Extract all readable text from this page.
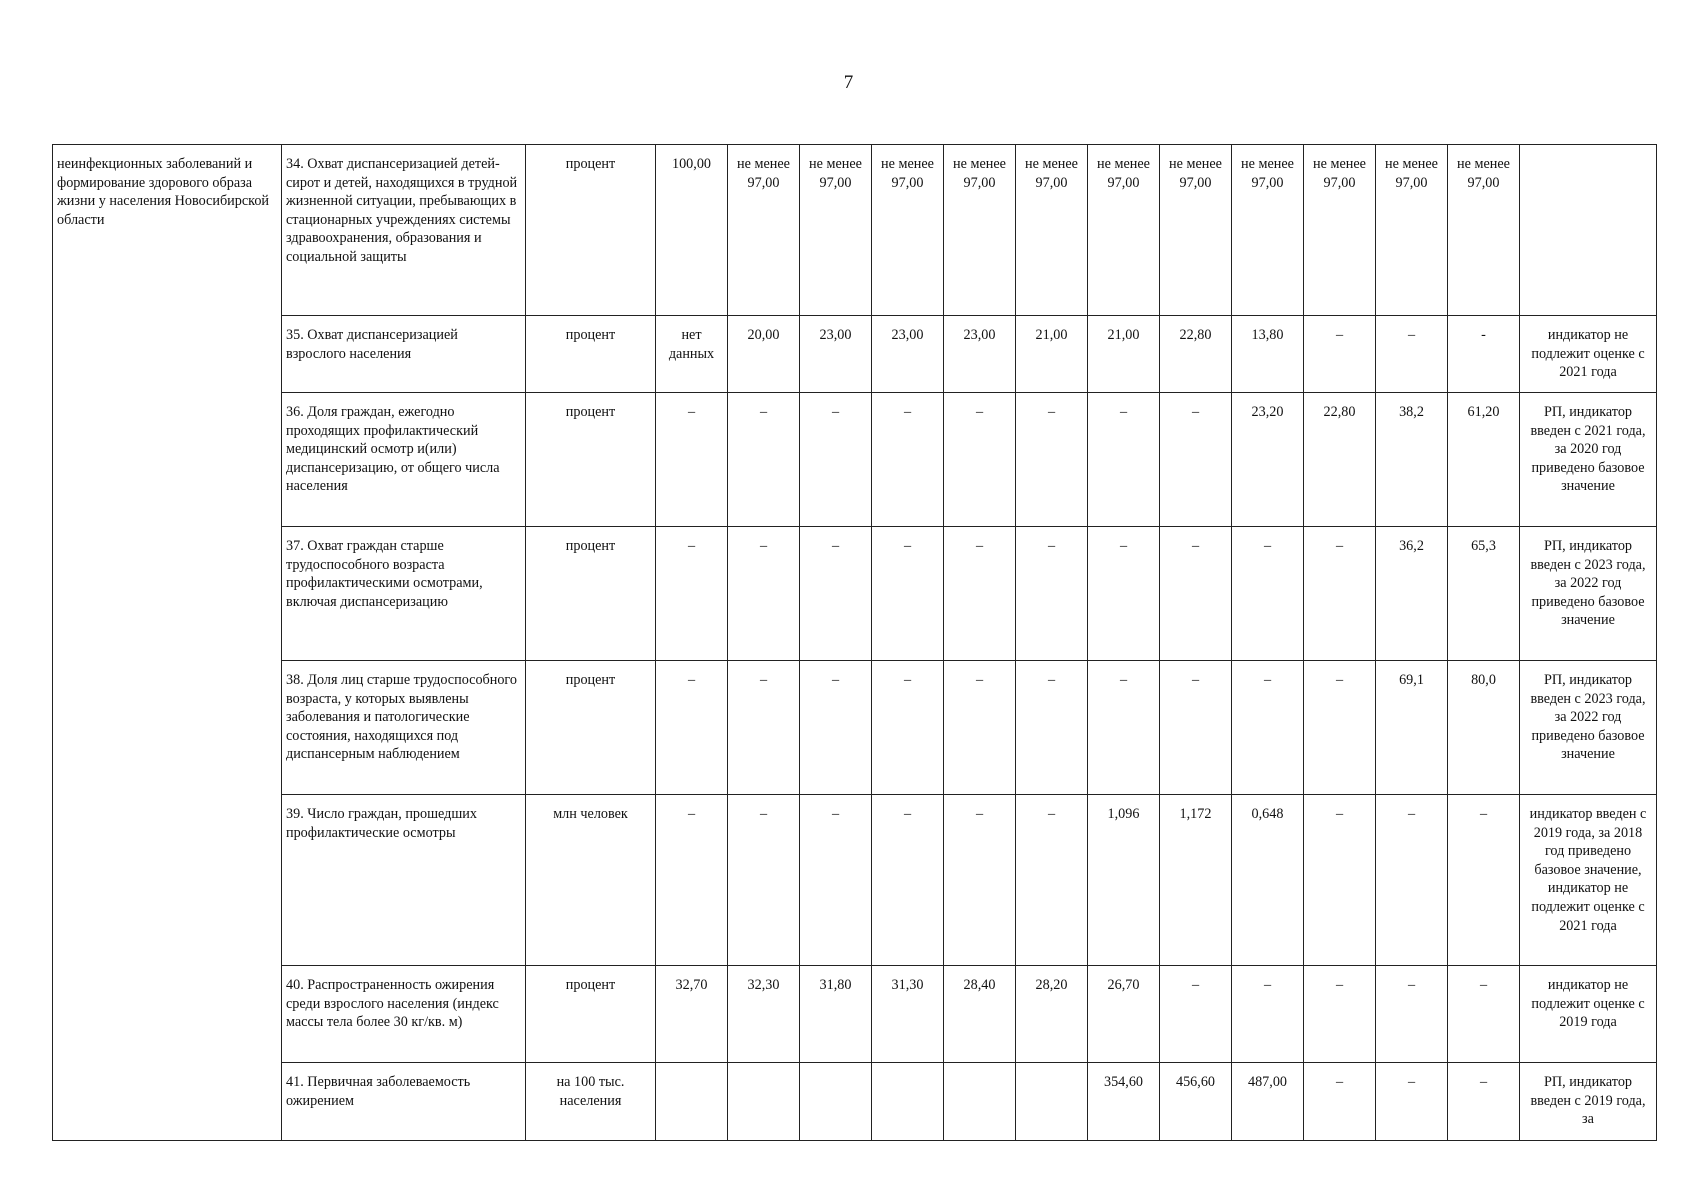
7
неинфекционных заболеваний и формирование здорового образа жизни у населения Новосибирской области	34. Охват диспансеризацией детей-сирот и детей, находящихся в трудной жизненной ситуации, пребывающих в стационарных учреждениях системы здравоохранения, образования и социальной защиты	процент	100,00	не менее 97,00	не менее 97,00	не менее 97,00	не менее 97,00	не менее 97,00	не менее 97,00	не менее 97,00	не менее 97,00	не менее 97,00	не менее 97,00	не менее 97,00	
	35. Охват диспансеризацией взрослого населения	процент	нет данных	20,00	23,00	23,00	23,00	21,00	21,00	22,80	13,80	–	–	-	индикатор не подлежит оценке с 2021 года
	36. Доля граждан, ежегодно проходящих профилактический медицинский осмотр и(или) диспансеризацию, от общего числа населения	процент	–	–	–	–	–	–	–	–	23,20	22,80	38,2	61,20	РП, индикатор введен с 2021 года, за 2020 год приведено базовое значение
	37. Охват граждан старше трудоспособного возраста профилактическими осмотрами, включая диспансеризацию	процент	–	–	–	–	–	–	–	–	–	–	36,2	65,3	РП, индикатор введен с 2023 года, за 2022 год приведено базовое значение
	38. Доля лиц старше трудоспособного возраста, у которых выявлены заболевания и патологические состояния, находящихся под диспансерным наблюдением	процент	–	–	–	–	–	–	–	–	–	–	69,1	80,0	РП, индикатор введен с 2023 года, за 2022 год приведено базовое значение
	39. Число граждан, прошедших профилактические осмотры	млн человек	–	–	–	–	–	–	1,096	1,172	0,648	–	–	–	индикатор введен с 2019 года, за 2018 год приведено базовое значение, индикатор не подлежит оценке с 2021 года
	40. Распространенность ожирения среди взрослого населения (индекс массы тела более 30 кг/кв. м)	процент	32,70	32,30	31,80	31,30	28,40	28,20	26,70	–	–	–	–	–	индикатор не подлежит оценке с 2019 года
	41. Первичная заболеваемость ожирением	на 100 тыс. населения							354,60	456,60	487,00	–	–	–	РП, индикатор введен с 2019 года, за
